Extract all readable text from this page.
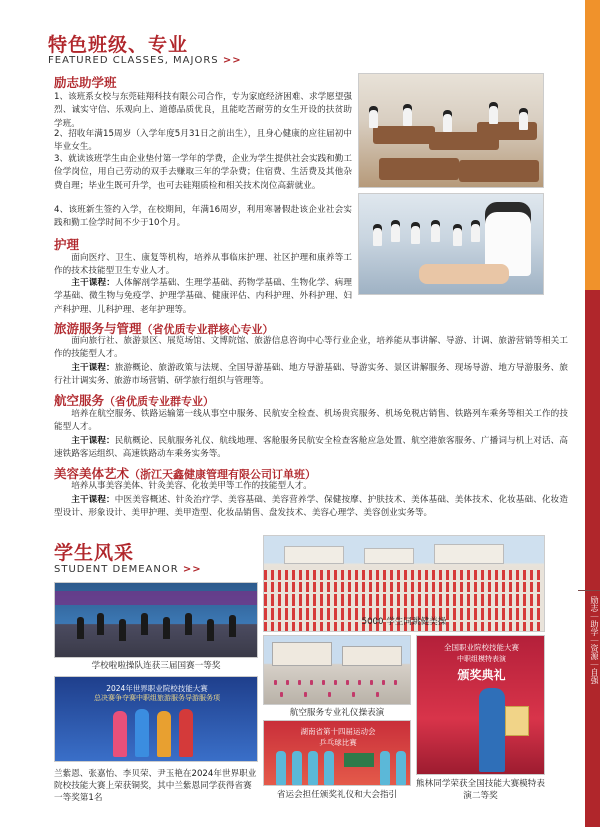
励志｜助学｜资源｜自强
特色班级、专业
FEATURED CLASSES, MAJORS >>
励志助学班
1、该班系女校与东莞硅翔科技有限公司合作，专为家庭经济困难、求学愿望强烈、诚实守信、乐观向上、道德品质优良，且能吃苦耐劳的女生开设的扶贫助学班。
2、招收年满15周岁（入学年度5月31日之前出生），且身心健康的应往届初中毕业女生。
3、就读该班学生由企业垫付第一学年的学费，企业为学生提供社会实践和勤工俭学岗位，用自己劳动的双手去赚取三年的学杂费；住宿费、生活费及其他杂费自理；毕业生既可升学，也可去硅翔质检和相关技术岗位高薪就业。
4、该班新生签约入学，在校期间，年满16周岁，利用寒暑假赴该企业社会实践和勤工俭学时间不少于10个月。
护理
面向医疗、卫生、康复等机构，培养从事临床护理、社区护理和康养等工作的技术技能型卫生专业人才。
主干课程：人体解剖学基础、生理学基础、药物学基础、生物化学、病理学基础、微生物与免疫学、护理学基础、健康评估、内科护理、外科护理、妇产科护理、儿科护理、老年护理等。
旅游服务与管理（省优质专业群核心专业）
面向旅行社、旅游景区、展览场馆、文博院馆、旅游信息咨询中心等行业企业，培养能从事讲解、导游、计调、旅游营销等相关工作的技能型人才。
主干课程：旅游概论、旅游政策与法规、全国导游基础、地方导游基础、导游实务、景区讲解服务、现场导游、地方导游服务、旅行社计调实务、旅游市场营销、研学旅行组织与管理等。
航空服务（省优质专业群专业）
培养在航空服务、铁路运输第一线从事空中服务、民航安全检查、机场贵宾服务、机场免税店销售、铁路列车乘务等相关工作的技能型人才。
主干课程：民航概论、民航服务礼仪、航线地理、客舱服务民航安全检查客舱应急处置、航空港旅客服务、广播词与机上对话、高速铁路客运组织、高速铁路动车乘务实务等。
美容美体艺术（浙江天鑫健康管理有限公司订单班）
培养从事美容美体、针灸美容、化妆美甲等工作的技能型人才。
主干课程：中医美容概述、针灸治疗学、美容基础、美容营养学、保健按摩、护肤技术、美体基础、美体技术、化妆基础、化妆造型设计、形象设计、美甲护理、美甲造型、化妆品销售、盘发技术、美容心理学、美容创业实务等。
学生风采
STUDENT DEMEANOR >>
5000 学生同跳健美操
学校啦啦操队连获三届国赛一等奖
航空服务专业礼仪操表演
2024年世界职业院校技能大赛
总决赛争夺赛中职组旅游服务导游服务项
兰紫恩、张嘉怡、李贝荣、尹玉艳在2024年世界职业院校技能大赛上荣获铜奖，其中兰紫恩同学获得省赛一等奖第1名
湖南省第十四届运动会
乒乓球比赛
省运会担任颁奖礼仪和大会指引
全国职业院校技能大赛
中职组模特表演
颁奖典礼
熊林同学荣获全国技能大赛模特表演二等奖
